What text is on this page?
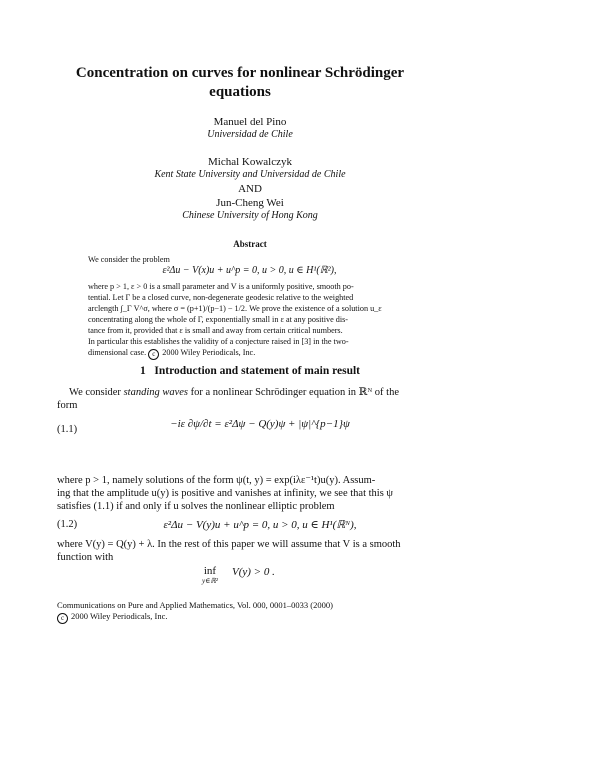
Concentration on curves for nonlinear Schrödinger
equations
Manuel del Pino
Universidad de Chile
Michal Kowalczyk
Kent State University and Universidad de Chile
AND
Jun-Cheng Wei
Chinese University of Hong Kong
Abstract
We consider the problem
ε²Δu − V(x)u + u^p = 0, u > 0, u ∈ H¹(ℝ²),
where p > 1, ε > 0 is a small parameter and V is a uniformly positive, smooth po-
tential. Let Γ be a closed curve, non-degenerate geodesic relative to the weighted
arclength ∫_Γ V^σ, where σ = (p+1)/(p−1) − 1/2. We prove the existence of a solution u_ε
concentrating along the whole of Γ, exponentially small in ε at any positive dis-
tance from it, provided that ε is small and away from certain critical numbers.
In particular this establishes the validity of a conjecture raised in [3] in the two-
dimensional case. c 2000 Wiley Periodicals, Inc.
1 Introduction and statement of main result
We consider standing waves for a nonlinear Schrödinger equation in ℝᴺ of the
form
(1.1)	−iε ∂ψ/∂t = ε²Δψ − Q(y)ψ + |ψ|^{p−1}ψ
where p > 1, namely solutions of the form ψ(t, y) = exp(iλε⁻¹t)u(y). Assum-
ing that the amplitude u(y) is positive and vanishes at infinity, we see that this ψ
satisfies (1.1) if and only if u solves the nonlinear elliptic problem
(1.2)	ε²Δu − V(y)u + u^p = 0, u > 0, u ∈ H¹(ℝᴺ),
where V(y) = Q(y) + λ. In the rest of this paper we will assume that V is a smooth
function with
inf
y∈ℝ²
V(y) > 0 .
Communications on Pure and Applied Mathematics, Vol. 000, 0001–0033 (2000)
c 2000 Wiley Periodicals, Inc.
